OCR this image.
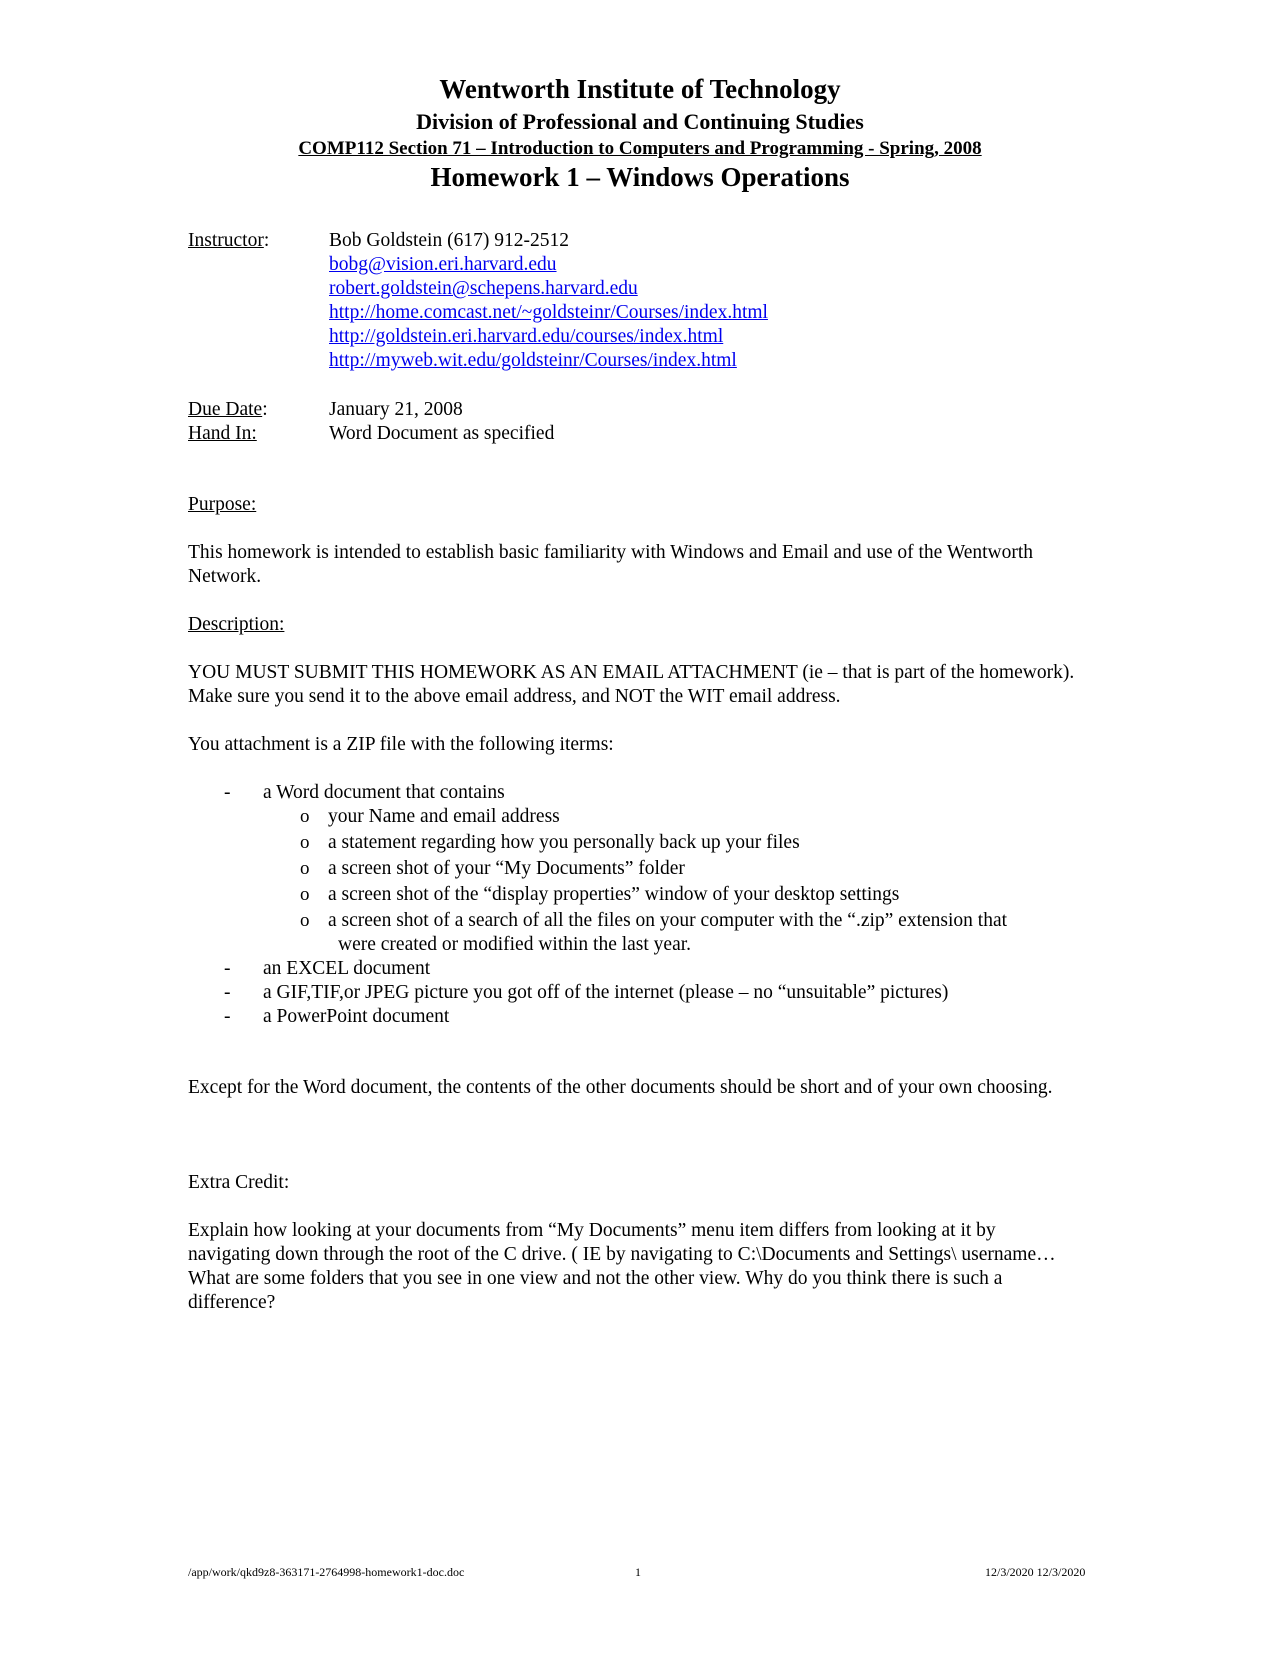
Wentworth Institute of Technology
Division of Professional and Continuing Studies
COMP112 Section 71 – Introduction to Computers and Programming - Spring, 2008
Homework 1 – Windows Operations
Instructor:	Bob Goldstein (617) 912-2512
bobg@vision.eri.harvard.edu
robert.goldstein@schepens.harvard.edu
http://home.comcast.net/~goldsteinr/Courses/index.html
http://goldstein.eri.harvard.edu/courses/index.html
http://myweb.wit.edu/goldsteinr/Courses/index.html
Due Date:	January 21, 2008
Hand In:	Word Document as specified
Purpose:
This homework is intended to establish basic familiarity with Windows and Email and use of the Wentworth Network.
Description:
YOU MUST SUBMIT THIS HOMEWORK AS AN EMAIL ATTACHMENT (ie – that is part of the homework). Make sure you send it to the above email address, and NOT the WIT email address.
You attachment is a ZIP file with the following iterms:
- a Word document that contains
o your Name and email address
o a statement regarding how you personally back up your files
o a screen shot of your “My Documents” folder
o a screen shot of the “display properties” window of your desktop settings
o a screen shot of a search of all the files on your computer with the “.zip” extension that
were created or modified within the last year.
- an EXCEL document
- a GIF,TIF,or JPEG picture you got off of the internet (please – no “unsuitable” pictures)
- a PowerPoint document
Except for the Word document, the contents of the other documents should be short and of your own choosing.
Extra Credit:
Explain how looking at your documents from “My Documents” menu item differs from looking at it by navigating down through the root of the C drive. ( IE by navigating to C:\Documents and Settings\ username… What are some folders that you see in one view and not the other view. Why do you think there is such a difference?
/app/work/qkd9z8-363171-2764998-homework1-doc.doc	1	12/3/2020 12/3/2020
